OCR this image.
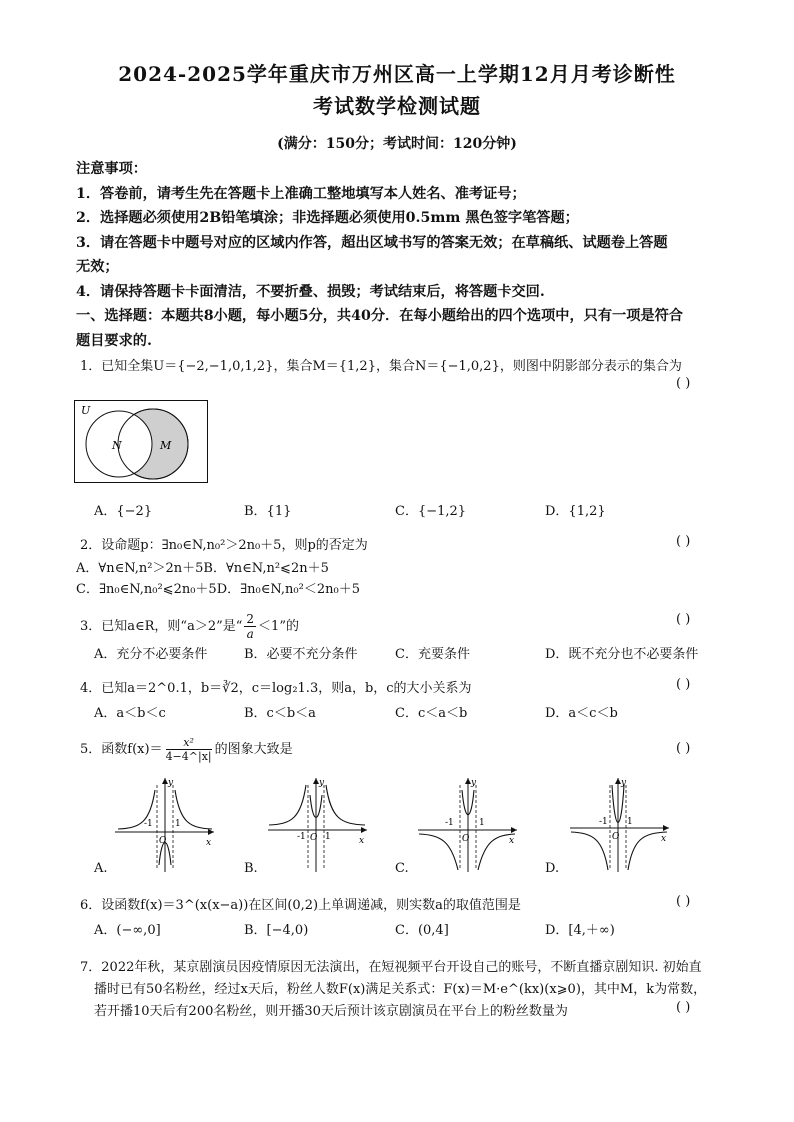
2024-2025学年重庆市万州区高一上学期12月月考诊断性
考试数学检测试题
(满分：150分；考试时间：120分钟)
注意事项：
1．答卷前，请考生先在答题卡上准确工整地填写本人姓名、准考证号；
2．选择题必须使用2B铅笔填涂；非选择题必须使用0.5mm 黑色签字笔答题；
3．请在答题卡中题号对应的区域内作答，超出区域书写的答案无效；在草稿纸、试题卷上答题
无效；
4．请保持答题卡卡面清洁，不要折叠、损毁；考试结束后，将答题卡交回.
一、选择题：本题共8小题，每小题5分，共40分．在每小题给出的四个选项中，只有一项是符合
题目要求的.
1．已知全集U＝{−2,−1,0,1,2}，集合M＝{1,2}，集合N＝{−1,0,2}，则图中阴影部分表示的集合为
( )
U
N	M
A．{−2}	B．{1}	C．{−1,2}	D．{1,2}
2．设命题p：∃n₀∈N,n₀²＞2n₀＋5，则p的否定为	( )
A．∀n∈N,n²＞2n＋5B．∀n∈N,n²⩽2n＋5
C．∃n₀∈N,n₀²⩽2n₀＋5D．∃n₀∈N,n₀²＜2n₀＋5
3．已知a∈R，则“a＞2”是“ $\frac{2}{a} <1$”的	( )
A．充分不必要条件	B．必要不充分条件	C．充要条件	D．既不充分也不必要条件
4．已知a＝2^0.1，b＝∛2，c＝log₂1.3，则a，b，c的大小关系为	( )
A．a＜b＜c	B．c＜b＜a	C．c＜a＜b	D．a＜c＜b
5．函数$f(x)= \frac{\text{x²}}{4-4\^{}|x|}$ 的图象大致是	( )
-1 1
O	x
y
A.
-1 1
O	x
y
B.
-1	1
O	x
y
C.
-1 1
O	x
y
D.
6．设函数f(x)＝3^(x(x−a))在区间(0,2)上单调递减，则实数a的取值范围是	( )
A．(−∞,0]	B．[−4,0)	C．(0,4]	D．[4,＋∞)
7．2022年秋，某京剧演员因疫情原因无法演出，在短视频平台开设自己的账号，不断直播京剧知识. 初始直
播时已有50名粉丝，经过x天后，粉丝人数F(x)满足关系式：F(x)＝M·e^(kx)(x⩾0)，其中M，k为常数，
若开播10天后有200名粉丝，则开播30天后预计该京剧演员在平台上的粉丝数量为	( )
